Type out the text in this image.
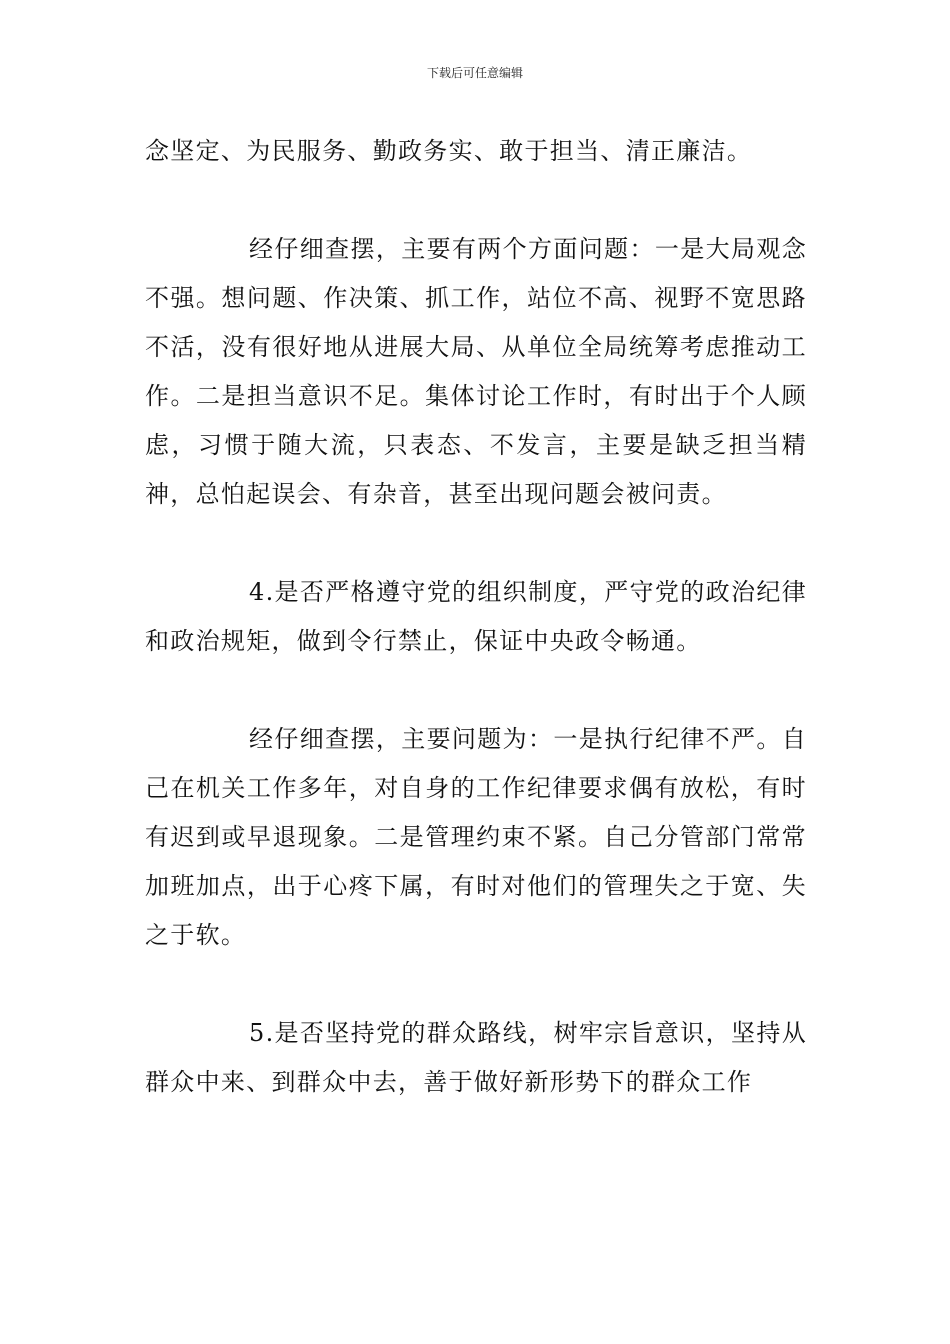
下载后可任意编辑

念坚定、为民服务、勤政务实、敢于担当、清正廉洁。

经仔细查摆，主要有两个方面问题：一是大局观念不强。想问题、作决策、抓工作，站位不高、视野不宽思路不活，没有很好地从进展大局、从单位全局统筹考虑推动工作。二是担当意识不足。集体讨论工作时，有时出于个人顾虑，习惯于随大流，只表态、不发言，主要是缺乏担当精神，总怕起误会、有杂音，甚至出现问题会被问责。

4.是否严格遵守党的组织制度，严守党的政治纪律和政治规矩，做到令行禁止，保证中央政令畅通。

经仔细查摆，主要问题为：一是执行纪律不严。自己在机关工作多年，对自身的工作纪律要求偶有放松，有时有迟到或早退现象。二是管理约束不紧。自己分管部门常常加班加点，出于心疼下属，有时对他们的管理失之于宽、失之于软。

5.是否坚持党的群众路线，树牢宗旨意识，坚持从群众中来、到群众中去，善于做好新形势下的群众工作
